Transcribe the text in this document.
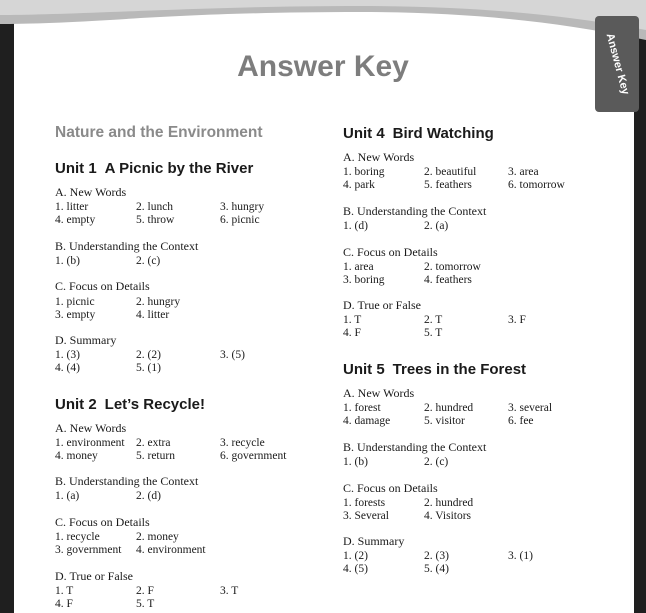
Answer Key
Answer Key
Nature and the Environment
Unit 1 A Picnic by the River
A. New Words
1. litter	2. lunch	3. hungry
4. empty	5. throw	6. picnic
B. Understanding the Context
1. (b)	2. (c)
C. Focus on Details
1. picnic	2. hungry
3. empty	4. litter
D. Summary
1. (3)	2. (2)	3. (5)
4. (4)	5. (1)
Unit 2 Let’s Recycle!
A. New Words
1. environment 2. extra	3. recycle
4. money	5. return	6. government
B. Understanding the Context
1. (a)	2. (d)
C. Focus on Details
1. recycle	2. money
3. government	4. environment
D. True or False
1. T	2. F	3. T
4. F	5. T
Unit 4 Bird Watching
A. New Words
1. boring	2. beautiful	3. area
4. park	5. feathers	6. tomorrow
B. Understanding the Context
1. (d)	2. (a)
C. Focus on Details
1. area	2. tomorrow
3. boring	4. feathers
D. True or False
1. T	2. T	3. F
4. F	5. T
Unit 5 Trees in the Forest
A. New Words
1. forest	2. hundred	3. several
4. damage	5. visitor	6. fee
B. Understanding the Context
1. (b)	2. (c)
C. Focus on Details
1. forests	2. hundred
3. Several	4. Visitors
D. Summary
1. (2)	2. (3)	3. (1)
4. (5)	5. (4)
